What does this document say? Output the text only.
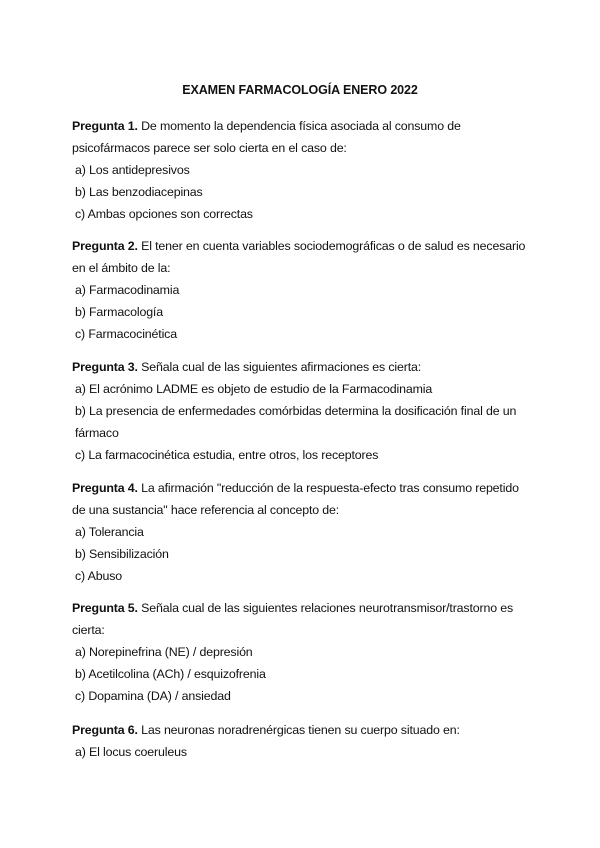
EXAMEN FARMACOLOGÍA ENERO 2022

Pregunta 1. De momento la dependencia física asociada al consumo de psicofármacos parece ser solo cierta en el caso de:

a) Los antidepresivos

b) Las benzodiacepinas

c) Ambas opciones son correctas

Pregunta 2. El tener en cuenta variables sociodemográficas o de salud es necesario en el ámbito de la:

a) Farmacodinamia

b) Farmacología

c) Farmacocinética

Pregunta 3. Señala cual de las siguientes afirmaciones es cierta:

a) El acrónimo LADME es objeto de estudio de la Farmacodinamia

b) La presencia de enfermedades comórbidas determina la dosificación final de un fármaco

c) La farmacocinética estudia, entre otros, los receptores

Pregunta 4. La afirmación "reducción de la respuesta-efecto tras consumo repetido de una sustancia" hace referencia al concepto de:

a) Tolerancia

b) Sensibilización

c) Abuso

Pregunta 5. Señala cual de las siguientes relaciones neurotransmisor/trastorno es cierta:

a) Norepinefrina (NE) / depresión

b) Acetilcolina (ACh) / esquizofrenia

c) Dopamina (DA) / ansiedad

Pregunta 6. Las neuronas noradrenérgicas tienen su cuerpo situado en:

a) El locus coeruleus
